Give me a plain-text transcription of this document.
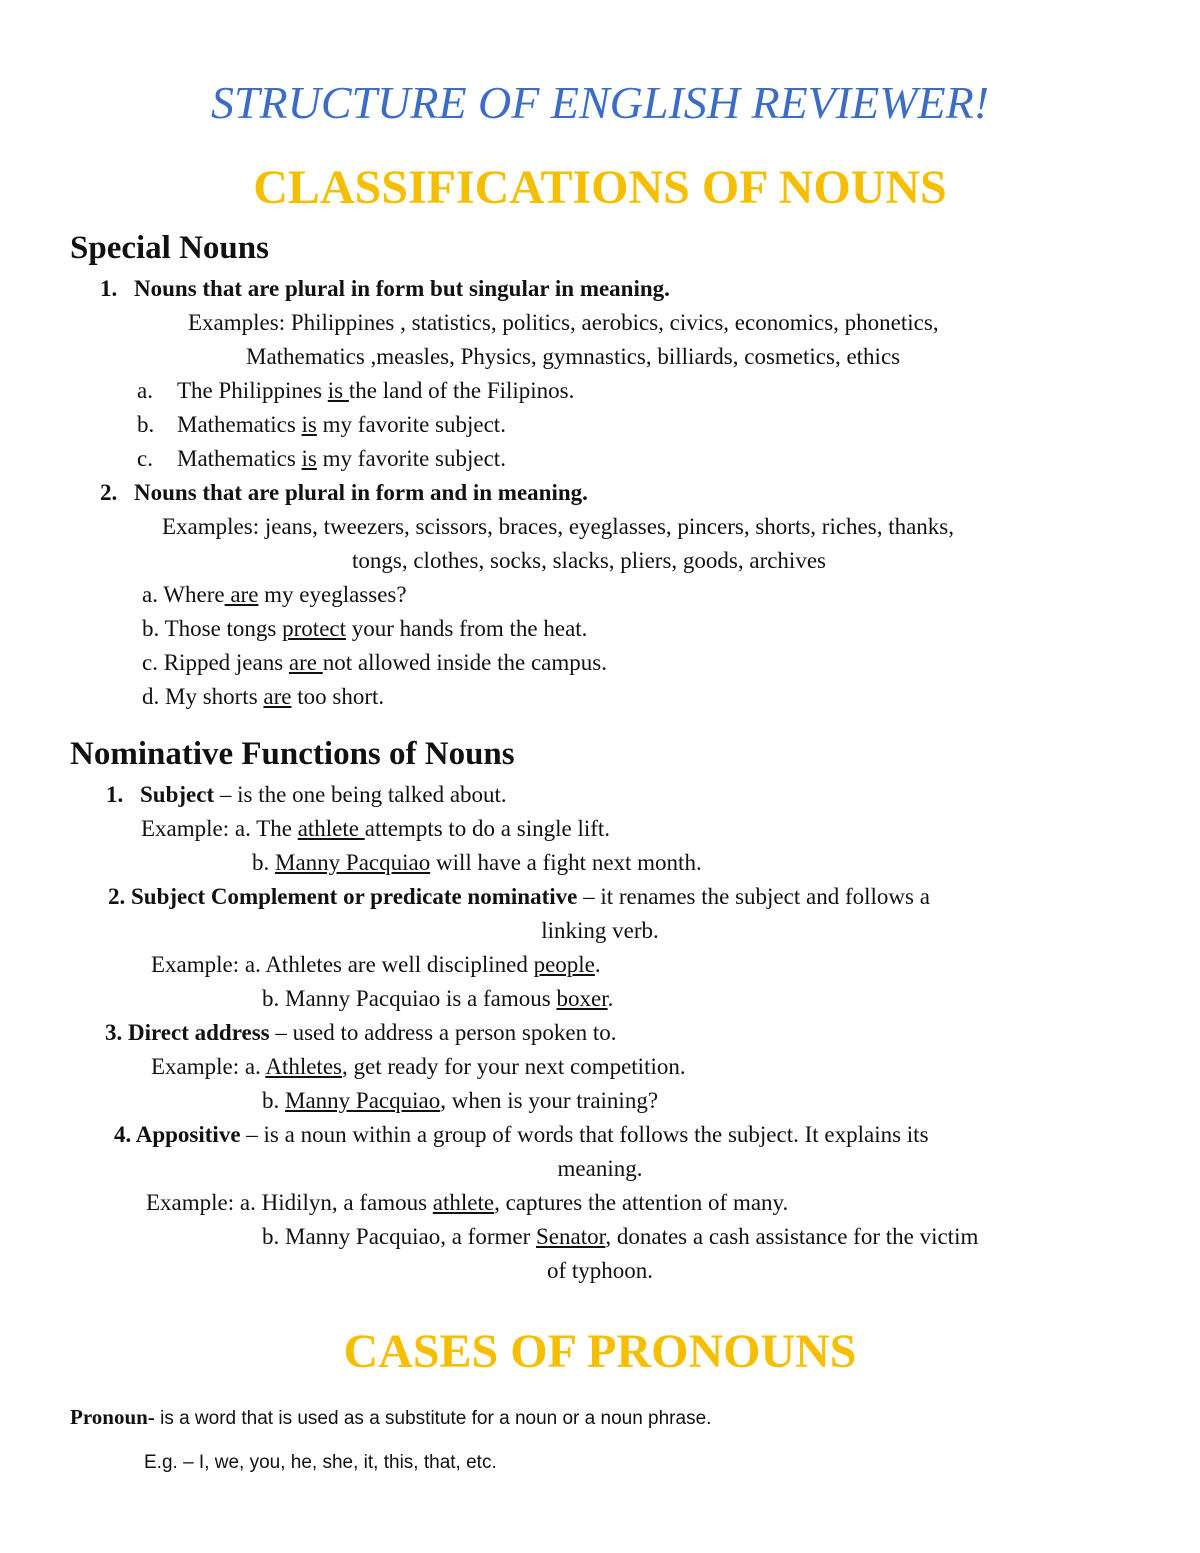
STRUCTURE OF ENGLISH REVIEWER!
CLASSIFICATIONS OF NOUNS
Special Nouns
1. Nouns that are plural in form but singular in meaning.
Examples: Philippines , statistics, politics, aerobics, civics, economics, phonetics,
Mathematics ,measles, Physics, gymnastics, billiards, cosmetics, ethics
a. The Philippines is the land of the Filipinos.
b. Mathematics is my favorite subject.
c. Mathematics is my favorite subject.
2. Nouns that are plural in form and in meaning.
Examples: jeans, tweezers, scissors, braces, eyeglasses, pincers, shorts, riches, thanks,
tongs, clothes, socks, slacks, pliers, goods, archives
a. Where are my eyeglasses?
b. Those tongs protect your hands from the heat.
c. Ripped jeans are not allowed inside the campus.
d. My shorts are too short.
Nominative Functions of Nouns
1. Subject – is the one being talked about.
Example: a. The athlete attempts to do a single lift.
b. Manny Pacquiao will have a fight next month.
2. Subject Complement or predicate nominative – it renames the subject and follows a
linking verb.
Example: a. Athletes are well disciplined people.
b. Manny Pacquiao is a famous boxer.
3. Direct address – used to address a person spoken to.
Example: a. Athletes, get ready for your next competition.
b. Manny Pacquiao, when is your training?
4. Appositive – is a noun within a group of words that follows the subject. It explains its
meaning.
Example: a. Hidilyn, a famous athlete, captures the attention of many.
b. Manny Pacquiao, a former Senator, donates a cash assistance for the victim
of typhoon.
CASES OF PRONOUNS
Pronoun- is a word that is used as a substitute for a noun or a noun phrase.
E.g. – I, we, you, he, she, it, this, that, etc.
